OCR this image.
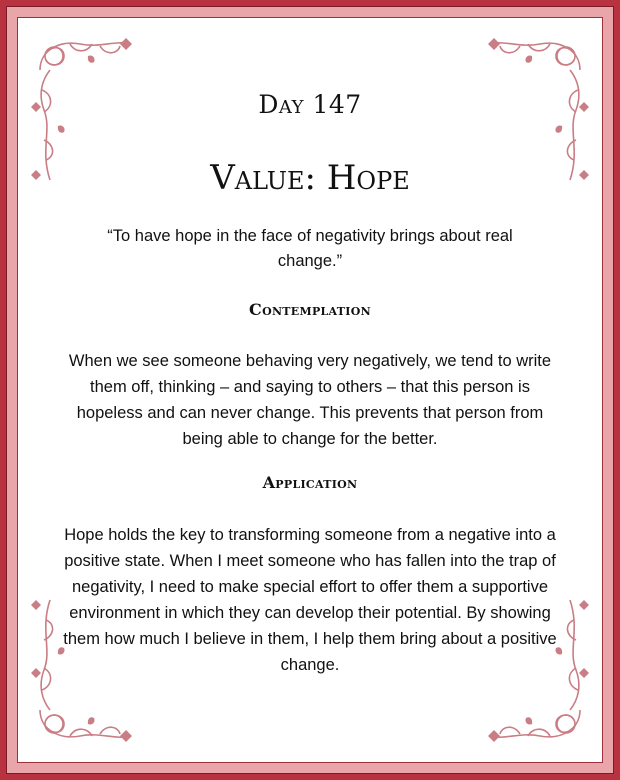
Day 147
Value: Hope
“To have hope in the face of negativity brings about real change.”
Contemplation
When we see someone behaving very negatively, we tend to write them off, thinking – and saying to others – that this person is hopeless and can never change. This prevents that person from being able to change for the better.
Application
Hope holds the key to transforming someone from a negative into a positive state. When I meet someone who has fallen into the trap of negativity, I need to make special effort to offer them a supportive environment in which they can develop their potential. By showing them how much I believe in them, I help them bring about a positive change.
